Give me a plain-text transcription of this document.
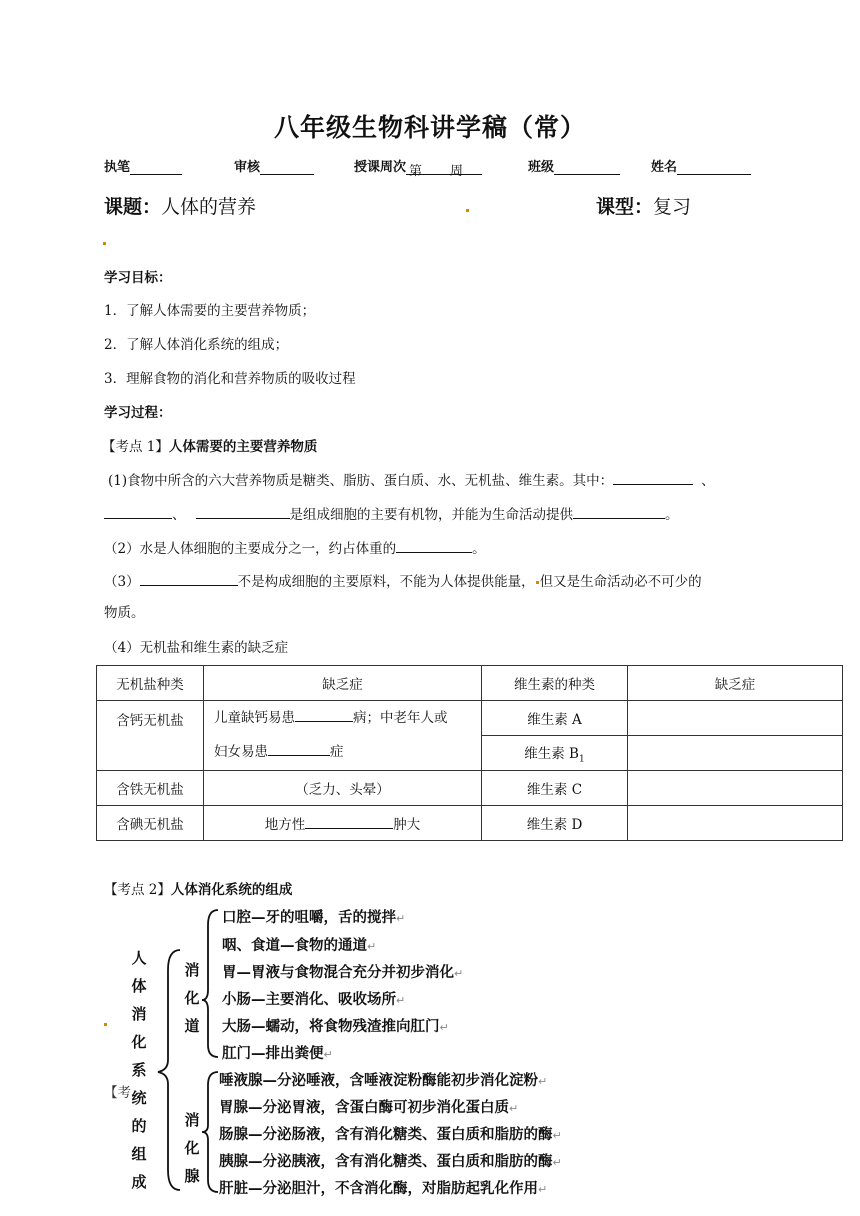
八年级生物科讲学稿（常）
执笔	审核	授课周次 第 周	班级	姓名
课题：人体的营养	课型：复习
学习目标：
1．了解人体需要的主要营养物质；
2．了解人体消化系统的组成；
3．理解食物的消化和营养物质的吸收过程
学习过程：
【考点 1】人体需要的主要营养物质
(1)食物中所含的六大营养物质是糖类、脂肪、蛋白质、水、无机盐、维生素。其中：	、
、	是组成细胞的主要有机物，并能为生命活动提供	。
（2）水是人体细胞的主要成分之一，约占体重的	。
（3）	不是构成细胞的主要原料，不能为人体提供能量， 但又是生命活动必不可少的
物质。
（4）无机盐和维生素的缺乏症
无机盐种类	缺乏症	维生素的种类	缺乏症
含钙无机盐	儿童缺钙易患 病；中老年人或
妇女易患 症	维生素 A	
		维生素 $B_1$	
含铁无机盐	（乏力、头晕）	维生素 C	
含碘无机盐	地方性 肿大	维生素 D	
【考点 2】人体消化系统的组成
【考
人
体
消
化
系
统
的
组
成
消
化
道
消
化
腺
口腔—牙的咀嚼，舌的搅拌↵
咽、食道—食物的通道↵
胃—胃液与食物混合充分并初步消化↵
小肠—主要消化、吸收场所↵
大肠—蠕动，将食物残渣推向肛门↵
肛门—排出粪便↵
唾液腺—分泌唾液，含唾液淀粉酶能初步消化淀粉↵
胃腺—分泌胃液，含蛋白酶可初步消化蛋白质↵
肠腺—分泌肠液，含有消化糖类、蛋白质和脂肪的酶↵
胰腺—分泌胰液，含有消化糖类、蛋白质和脂肪的酶↵
肝脏—分泌胆汁，不含消化酶，对脂肪起乳化作用↵
